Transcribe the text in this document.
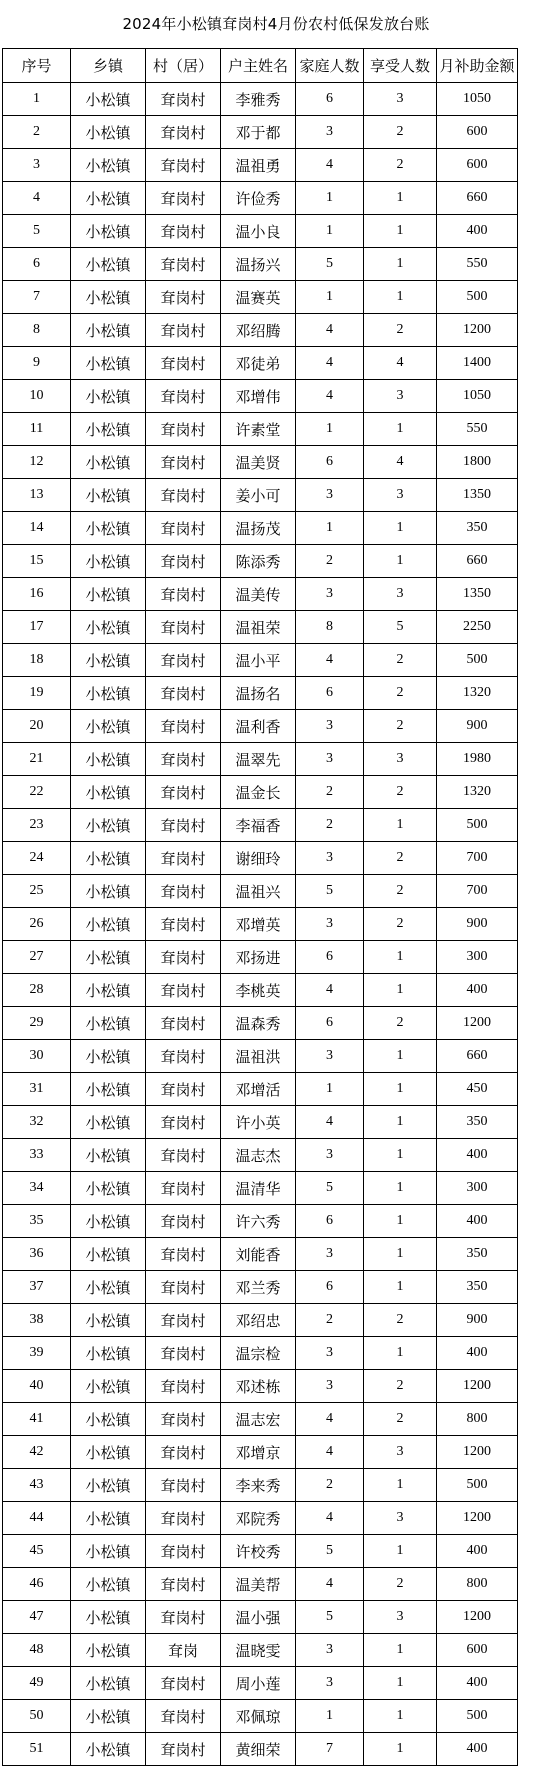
2024年小松镇耷岗村4月份农村低保发放台账
序号	乡镇	村（居）	户主姓名	家庭人数	享受人数	月补助金额
1	小松镇	耷岗村	李雅秀	6	3	1050
2	小松镇	耷岗村	邓于都	3	2	600
3	小松镇	耷岗村	温祖勇	4	2	600
4	小松镇	耷岗村	许俭秀	1	1	660
5	小松镇	耷岗村	温小良	1	1	400
6	小松镇	耷岗村	温扬兴	5	1	550
7	小松镇	耷岗村	温赛英	1	1	500
8	小松镇	耷岗村	邓绍腾	4	2	1200
9	小松镇	耷岗村	邓徒弟	4	4	1400
10	小松镇	耷岗村	邓增伟	4	3	1050
11	小松镇	耷岗村	许素堂	1	1	550
12	小松镇	耷岗村	温美贤	6	4	1800
13	小松镇	耷岗村	姜小可	3	3	1350
14	小松镇	耷岗村	温扬茂	1	1	350
15	小松镇	耷岗村	陈添秀	2	1	660
16	小松镇	耷岗村	温美传	3	3	1350
17	小松镇	耷岗村	温祖荣	8	5	2250
18	小松镇	耷岗村	温小平	4	2	500
19	小松镇	耷岗村	温扬名	6	2	1320
20	小松镇	耷岗村	温利香	3	2	900
21	小松镇	耷岗村	温翠先	3	3	1980
22	小松镇	耷岗村	温金长	2	2	1320
23	小松镇	耷岗村	李福香	2	1	500
24	小松镇	耷岗村	谢细玲	3	2	700
25	小松镇	耷岗村	温祖兴	5	2	700
26	小松镇	耷岗村	邓增英	3	2	900
27	小松镇	耷岗村	邓扬进	6	1	300
28	小松镇	耷岗村	李桃英	4	1	400
29	小松镇	耷岗村	温森秀	6	2	1200
30	小松镇	耷岗村	温祖洪	3	1	660
31	小松镇	耷岗村	邓增活	1	1	450
32	小松镇	耷岗村	许小英	4	1	350
33	小松镇	耷岗村	温志杰	3	1	400
34	小松镇	耷岗村	温清华	5	1	300
35	小松镇	耷岗村	许六秀	6	1	400
36	小松镇	耷岗村	刘能香	3	1	350
37	小松镇	耷岗村	邓兰秀	6	1	350
38	小松镇	耷岗村	邓绍忠	2	2	900
39	小松镇	耷岗村	温宗检	3	1	400
40	小松镇	耷岗村	邓述栋	3	2	1200
41	小松镇	耷岗村	温志宏	4	2	800
42	小松镇	耷岗村	邓增京	4	3	1200
43	小松镇	耷岗村	李来秀	2	1	500
44	小松镇	耷岗村	邓院秀	4	3	1200
45	小松镇	耷岗村	许校秀	5	1	400
46	小松镇	耷岗村	温美帮	4	2	800
47	小松镇	耷岗村	温小强	5	3	1200
48	小松镇	耷岗	温晓雯	3	1	600
49	小松镇	耷岗村	周小莲	3	1	400
50	小松镇	耷岗村	邓佩琼	1	1	500
51	小松镇	耷岗村	黄细荣	7	1	400
